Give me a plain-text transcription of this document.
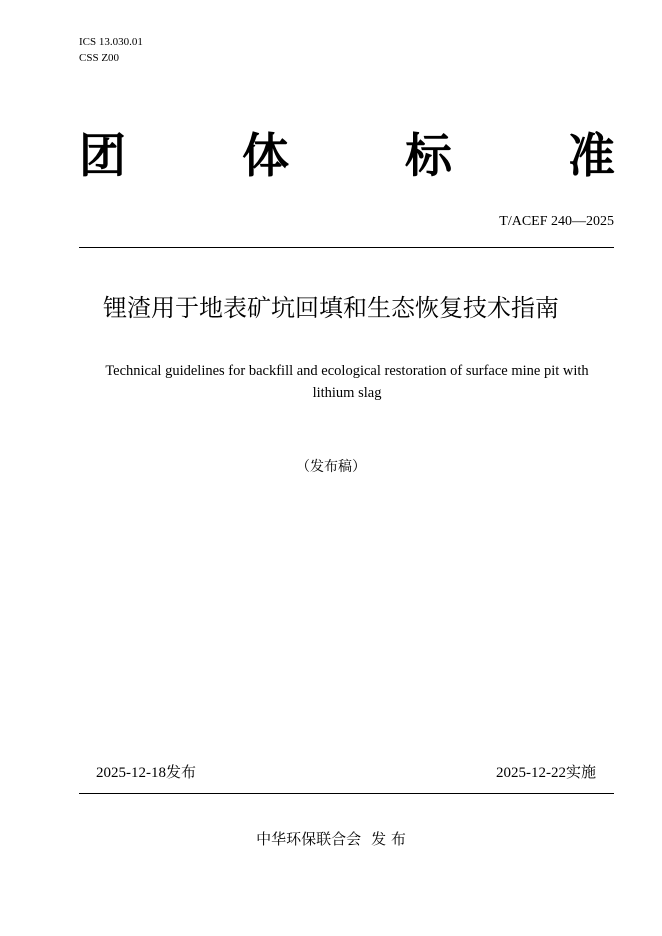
ICS 13.030.01
CSS Z00
团 体 标 准
T/ACEF 240—2025
锂渣用于地表矿坑回填和生态恢复技术指南
Technical guidelines for backfill and ecological restoration of surface mine pit with
lithium slag
（发布稿）
2025-12-18发布	2025-12-22实施
中华环保联合会 发 布
